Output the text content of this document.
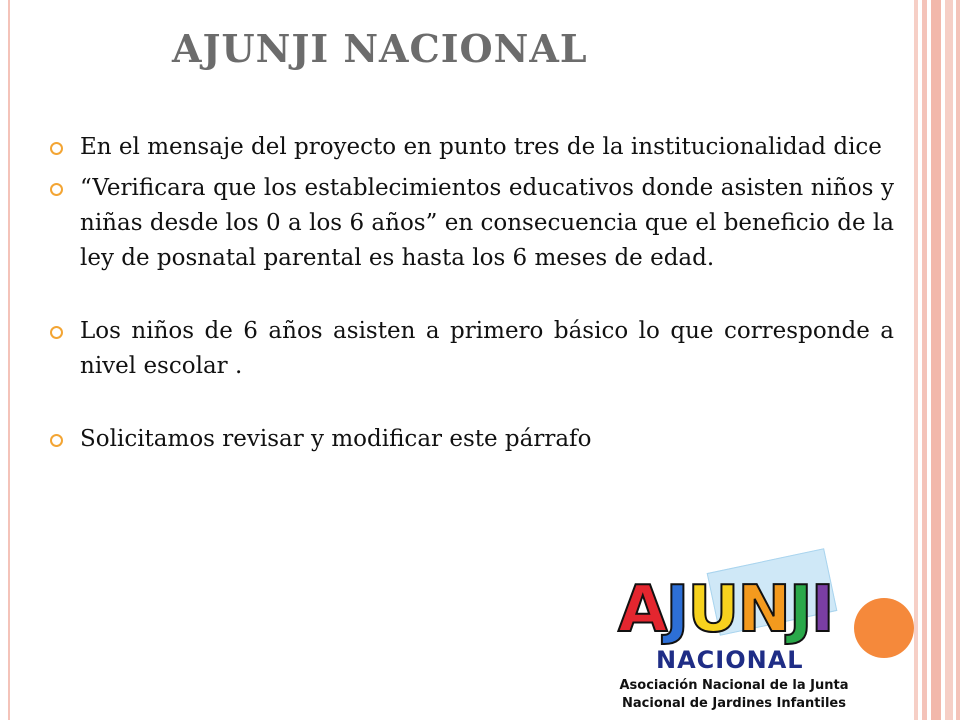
AJUNJI NACIONAL
En el mensaje del proyecto en punto tres de la institucionalidad dice
“Verificara que los establecimientos educativos donde asisten niños y niñas desde los 0 a los 6 años” en consecuencia que el beneficio de la ley de posnatal parental es hasta los 6 meses de edad.
Los niños de 6 años asisten a primero básico lo que corresponde a nivel escolar .
Solicitamos revisar y modificar este párrafo
AJUNJI
NACIONAL
Asociación Nacional de la Junta
Nacional de Jardines Infantiles
